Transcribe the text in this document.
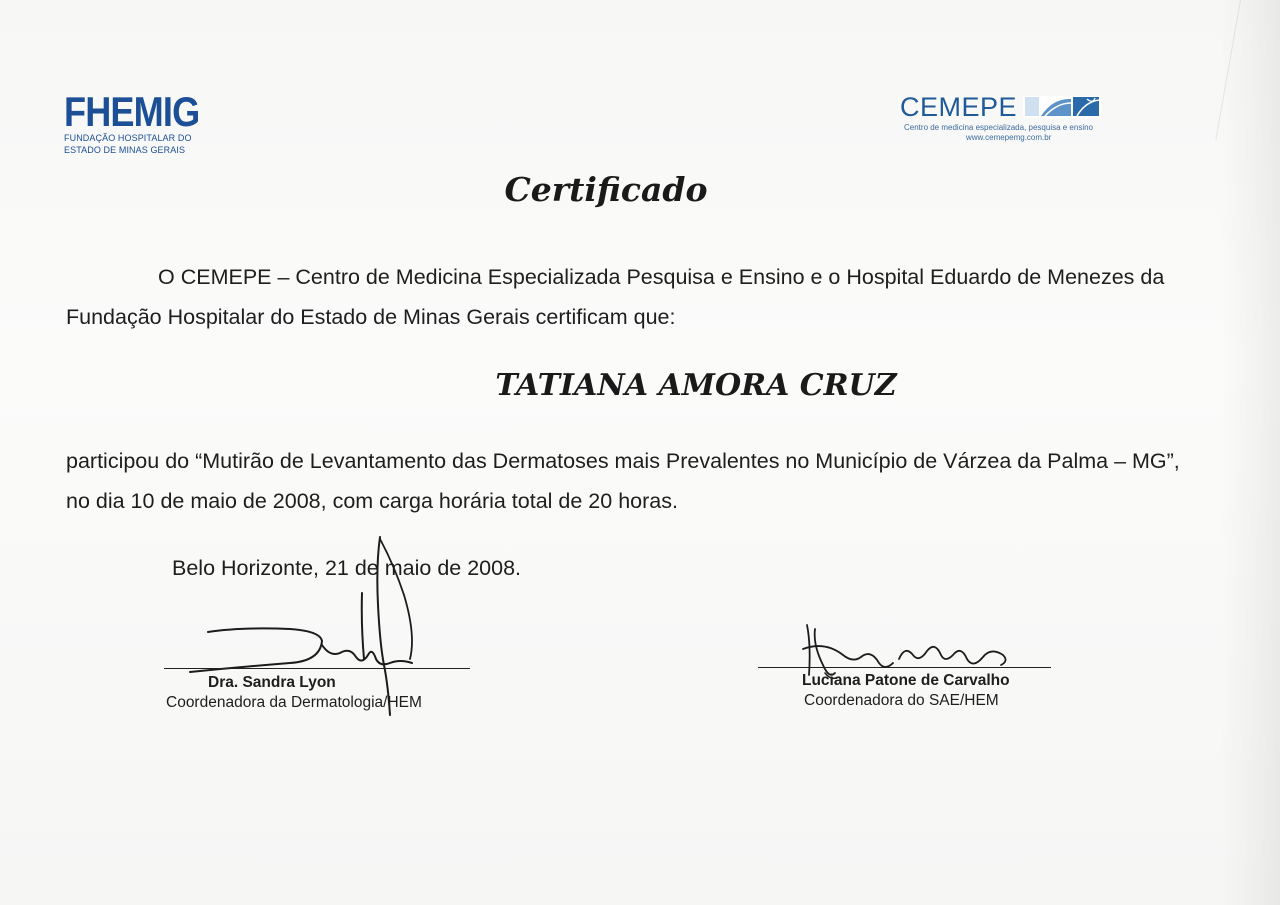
FHEMIG
FUNDAÇÃO HOSPITALAR DO
ESTADO DE MINAS GERAIS
CEMEPE
Centro de medicina especializada, pesquisa e ensino
www.cemepemg.com.br
Certificado
O CEMEPE – Centro de Medicina Especializada Pesquisa e Ensino e o Hospital Eduardo de Menezes da Fundação Hospitalar do Estado de Minas Gerais certificam que:
TATIANA AMORA CRUZ
participou do “Mutirão de Levantamento das Dermatoses mais Prevalentes no Município de Várzea da Palma – MG”, no dia 10 de maio de 2008, com carga horária total de 20 horas.
Belo Horizonte, 21 de maio de 2008.
Dra. Sandra Lyon
Coordenadora da Dermatologia/HEM
Luciana Patone de Carvalho
Coordenadora do SAE/HEM
